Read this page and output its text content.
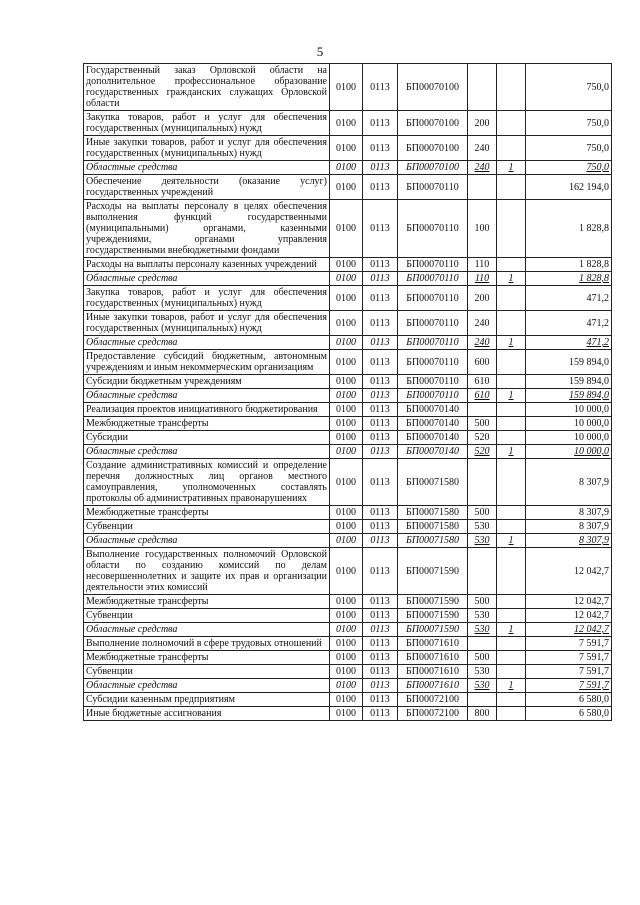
5
Государственный заказ Орловской области на дополнительное профессиональное образование государственных гражданских служащих Орловской области	0100	0113	БП00070100			750,0
Закупка товаров, работ и услуг для обеспечения государственных (муниципальных) нужд	0100	0113	БП00070100	200		750,0
Иные закупки товаров, работ и услуг для обеспечения государственных (муниципальных) нужд	0100	0113	БП00070100	240		750,0
Областные средства	0100	0113	БП00070100	240	1	750,0
Обеспечение деятельности (оказание услуг) государственных учреждений	0100	0113	БП00070110			162 194,0
Расходы на выплаты персоналу в целях обеспечения выполнения функций государственными (муниципальными) органами, казенными учреждениями, органами управления государственными внебюджетными фондами	0100	0113	БП00070110	100		1 828,8
Расходы на выплаты персоналу казенных учреждений	0100	0113	БП00070110	110		1 828,8
Областные средства	0100	0113	БП00070110	110	1	1 828,8
Закупка товаров, работ и услуг для обеспечения государственных (муниципальных) нужд	0100	0113	БП00070110	200		471,2
Иные закупки товаров, работ и услуг для обеспечения государственных (муниципальных) нужд	0100	0113	БП00070110	240		471,2
Областные средства	0100	0113	БП00070110	240	1	471,2
Предоставление субсидий бюджетным, автономным учреждениям и иным некоммерческим организациям	0100	0113	БП00070110	600		159 894,0
Субсидии бюджетным учреждениям	0100	0113	БП00070110	610		159 894,0
Областные средства	0100	0113	БП00070110	610	1	159 894,0
Реализация проектов инициативного бюджетирования	0100	0113	БП00070140			10 000,0
Межбюджетные трансферты	0100	0113	БП00070140	500		10 000,0
Субсидии	0100	0113	БП00070140	520		10 000,0
Областные средства	0100	0113	БП00070140	520	1	10 000,0
Создание административных комиссий и определение перечня должностных лиц органов местного самоуправления, уполномоченных составлять протоколы об административных правонарушениях	0100	0113	БП00071580			8 307,9
Межбюджетные трансферты	0100	0113	БП00071580	500		8 307,9
Субвенции	0100	0113	БП00071580	530		8 307,9
Областные средства	0100	0113	БП00071580	530	1	8 307,9
Выполнение государственных полномочий Орловской области по созданию комиссий по делам несовершеннолетних и защите их прав и организации деятельности этих комиссий	0100	0113	БП00071590			12 042,7
Межбюджетные трансферты	0100	0113	БП00071590	500		12 042,7
Субвенции	0100	0113	БП00071590	530		12 042,7
Областные средства	0100	0113	БП00071590	530	1	12 042,7
Выполнение полномочий в сфере трудовых отношений	0100	0113	БП00071610			7 591,7
Межбюджетные трансферты	0100	0113	БП00071610	500		7 591,7
Субвенции	0100	0113	БП00071610	530		7 591,7
Областные средства	0100	0113	БП00071610	530	1	7 591,7
Субсидии казенным предприятиям	0100	0113	БП00072100			6 580,0
Иные бюджетные ассигнования	0100	0113	БП00072100	800		6 580,0
